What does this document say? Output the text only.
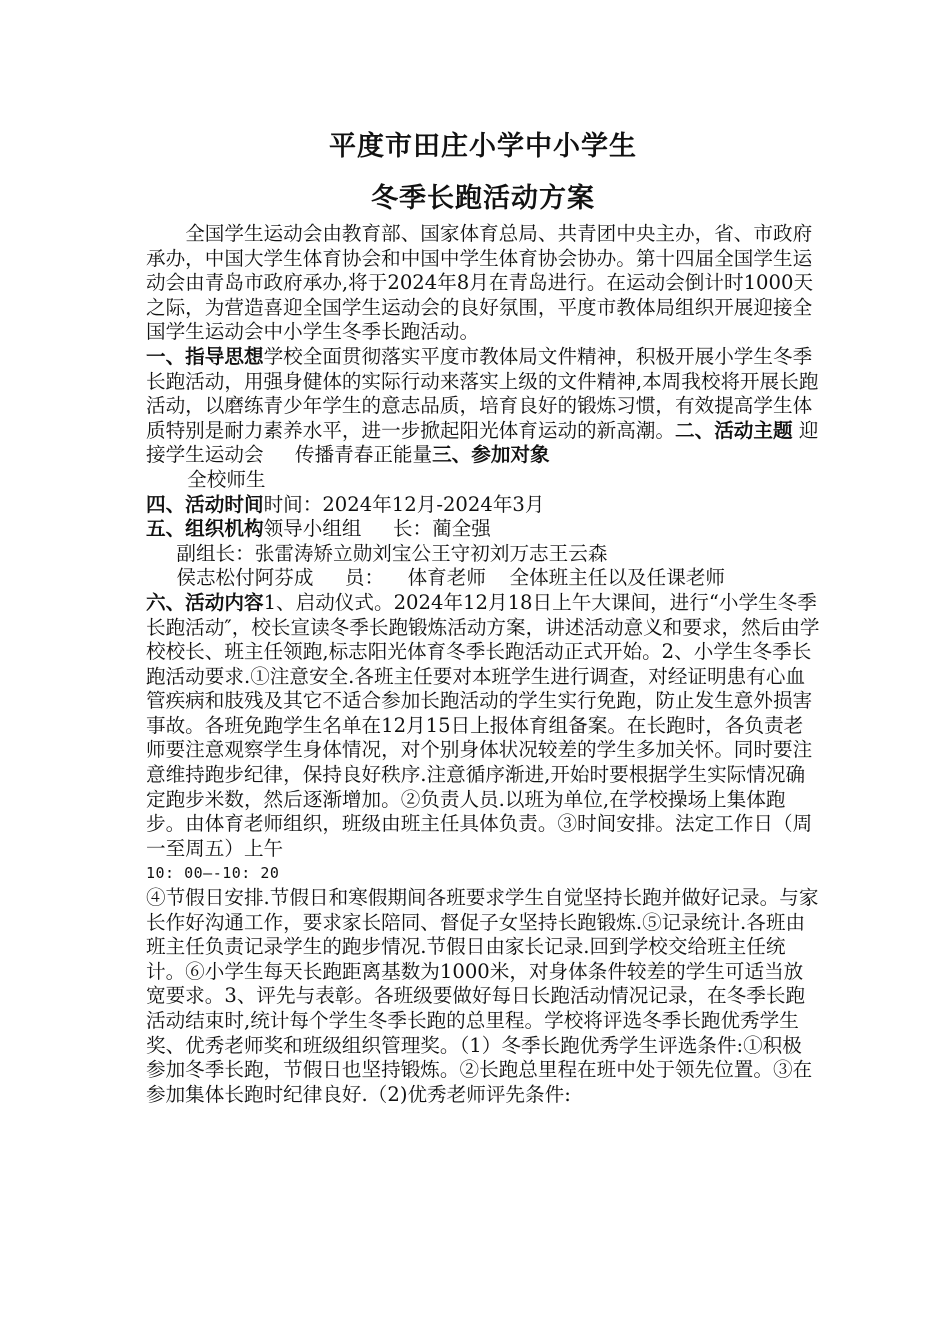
平度市田庄小学中小学生
冬季长跑活动方案

全国学生运动会由教育部、国家体育总局、共青团中央主办，省、市政府承办，中国大学生体育协会和中国中学生体育协会协办。第十四届全国学生运动会由青岛市政府承办,将于2024年8月在青岛进行。在运动会倒计时1000天之际，为营造喜迎全国学生运动会的良好氛围，平度市教体局组织开展迎接全国学生运动会中小学生冬季长跑活动。

一、指导思想学校全面贯彻落实平度市教体局文件精神，积极开展小学生冬季长跑活动，用强身健体的实际行动来落实上级的文件精神,本周我校将开展长跑活动，以磨练青少年学生的意志品质，培育良好的锻炼习惯，有效提高学生体质特别是耐力素养水平，进一步掀起阳光体育运动的新高潮。二、活动主题 迎接学生运动会 传播青春正能量三、参加对象

全校师生

四、活动时间时间：2024年12月-2024年3月

五、组织机构领导小组组 长：蔺全强

副组长：张雷涛矫立勋刘宝公王守初刘万志王云森

侯志松付阿芬成 员： 体育老师 全体班主任以及任课老师

六、活动内容1、启动仪式。2024年12月18日上午大课间，进行“小学生冬季长跑活动″，校长宣读冬季长跑锻炼活动方案，讲述活动意义和要求，然后由学校校长、班主任领跑,标志阳光体育冬季长跑活动正式开始。2、小学生冬季长跑活动要求.①注意安全.各班主任要对本班学生进行调查，对经证明患有心血管疾病和肢残及其它不适合参加长跑活动的学生实行免跑，防止发生意外损害事故。各班免跑学生名单在12月15日上报体育组备案。在长跑时，各负责老师要注意观察学生身体情况，对个别身体状况较差的学生多加关怀。同时要注意维持跑步纪律，保持良好秩序.注意循序渐进,开始时要根据学生实际情况确定跑步米数，然后逐渐增加。②负责人员.以班为单位,在学校操场上集体跑步。由体育老师组织，班级由班主任具体负责。③时间安排。法定工作日（周一至周五）上午

10: 00—-10: 20

④节假日安排.节假日和寒假期间各班要求学生自觉坚持长跑并做好记录。与家长作好沟通工作，要求家长陪同、督促子女坚持长跑锻炼.⑤记录统计.各班由班主任负责记录学生的跑步情况.节假日由家长记录.回到学校交给班主任统计。⑥小学生每天长跑距离基数为1000米，对身体条件较差的学生可适当放宽要求。3、评先与表彰。各班级要做好每日长跑活动情况记录，在冬季长跑活动结束时,统计每个学生冬季长跑的总里程。学校将评选冬季长跑优秀学生奖、优秀老师奖和班级组织管理奖。（1）冬季长跑优秀学生评选条件:①积极参加冬季长跑，节假日也坚持锻炼。②长跑总里程在班中处于领先位置。③在参加集体长跑时纪律良好.（2)优秀老师评先条件:
